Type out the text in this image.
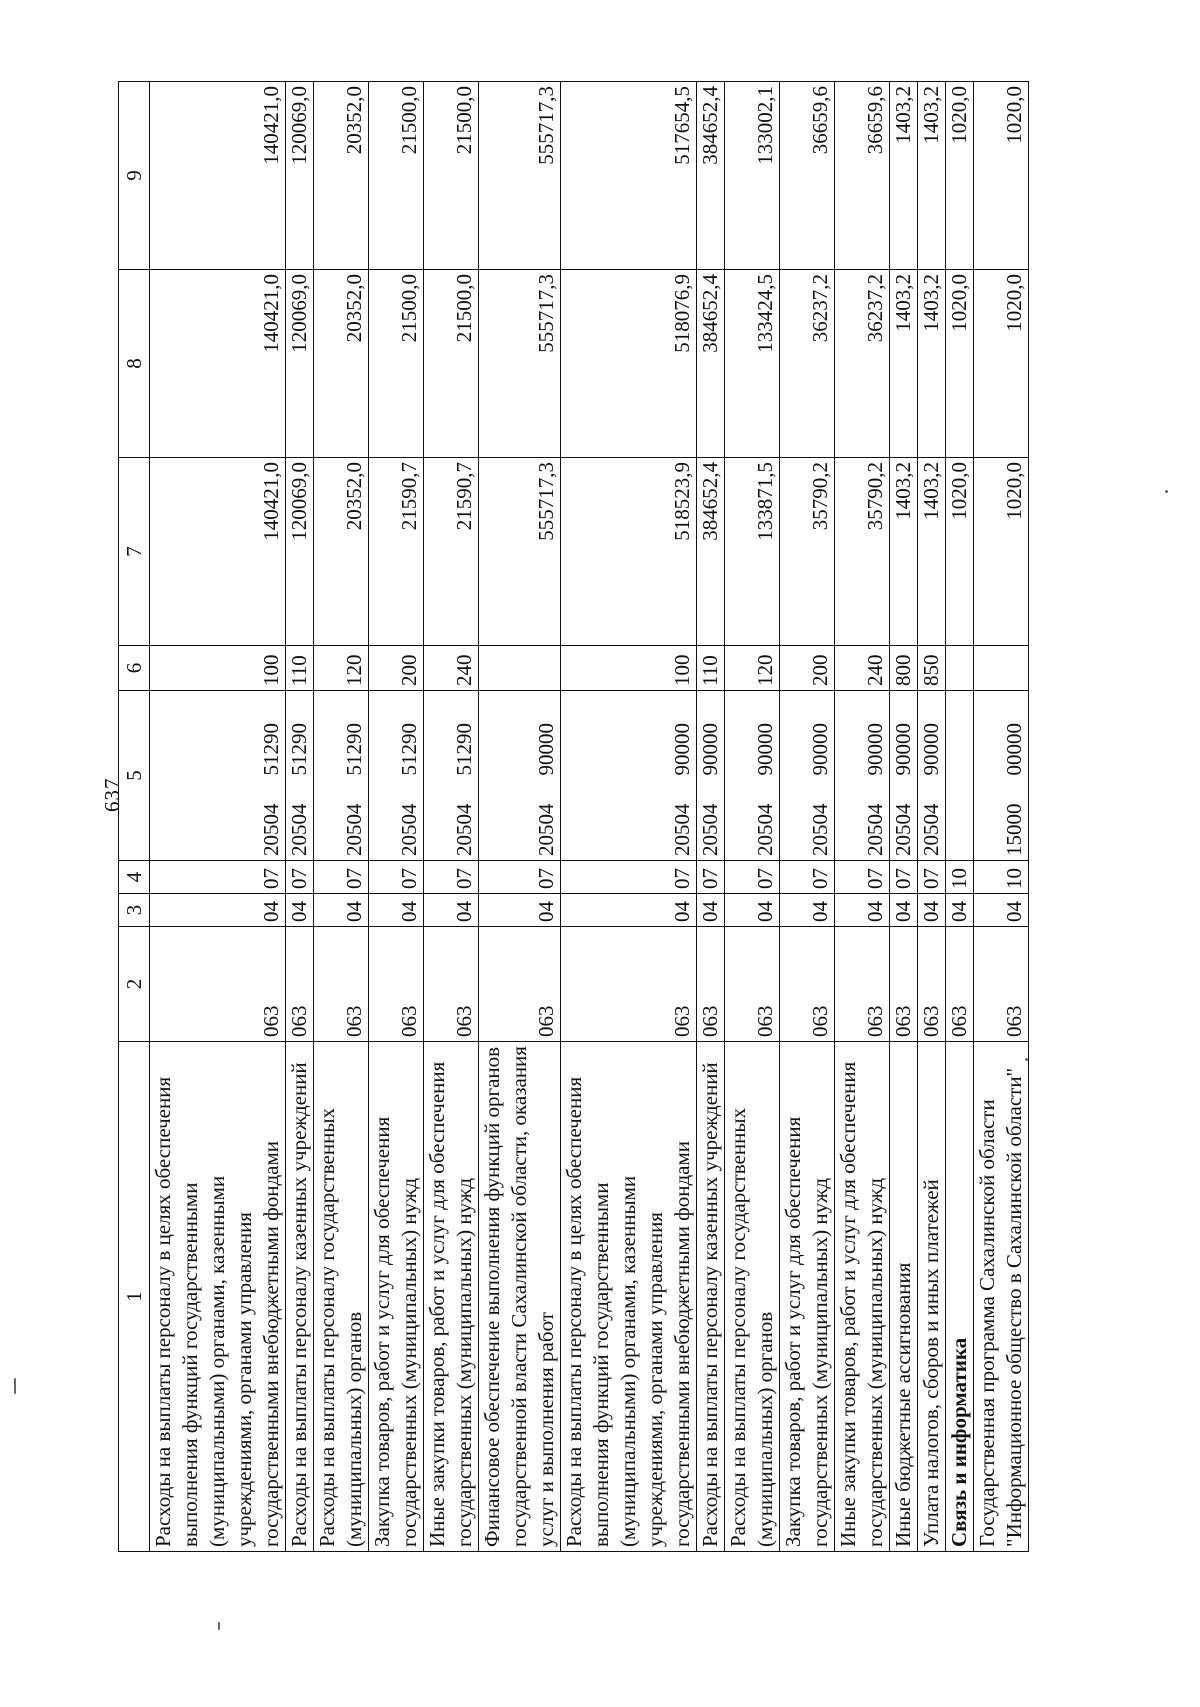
637
1	2	3	4	5	6	7	8	9
Расходы на выплаты персоналу в целях обеспечения выполнения функций государственными (муниципальными) органами, казенными учреждениями, органами управления государственными внебюджетными фондами	063	04	07	2050451290	100	140421,0	140421,0	140421,0
Расходы на выплаты персоналу казенных учреждений	063	04	07	2050451290	110	120069,0	120069,0	120069,0
Расходы на выплаты персоналу государственных (муниципальных) органов	063	04	07	2050451290	120	20352,0	20352,0	20352,0
Закупка товаров, работ и услуг для обеспечения государственных (муниципальных) нужд	063	04	07	2050451290	200	21590,7	21500,0	21500,0
Иные закупки товаров, работ и услуг для обеспечения государственных (муниципальных) нужд	063	04	07	2050451290	240	21590,7	21500,0	21500,0
Финансовое обеспечение выполнения функций органов государственной власти Сахалинской области, оказания услуг и выполнения работ	063	04	07	2050490000		555717,3	555717,3	555717,3
Расходы на выплаты персоналу в целях обеспечения выполнения функций государственными (муниципальными) органами, казенными учреждениями, органами управления государственными внебюджетными фондами	063	04	07	2050490000	100	518523,9	518076,9	517654,5
Расходы на выплаты персоналу казенных учреждений	063	04	07	2050490000	110	384652,4	384652,4	384652,4
Расходы на выплаты персоналу государственных (муниципальных) органов	063	04	07	2050490000	120	133871,5	133424,5	133002,1
Закупка товаров, работ и услуг для обеспечения государственных (муниципальных) нужд	063	04	07	2050490000	200	35790,2	36237,2	36659,6
Иные закупки товаров, работ и услуг для обеспечения государственных (муниципальных) нужд	063	04	07	2050490000	240	35790,2	36237,2	36659,6
Иные бюджетные ассигнования	063	04	07	2050490000	800	1403,2	1403,2	1403,2
Уплата налогов, сборов и иных платежей	063	04	07	2050490000	850	1403,2	1403,2	1403,2
Связь и информатика	063	04	10			1020,0	1020,0	1020,0
Государственная программа Сахалинской области "Информационное общество в Сахалинской области"	063	04	10	1500000000		1020,0	1020,0	1020,0
